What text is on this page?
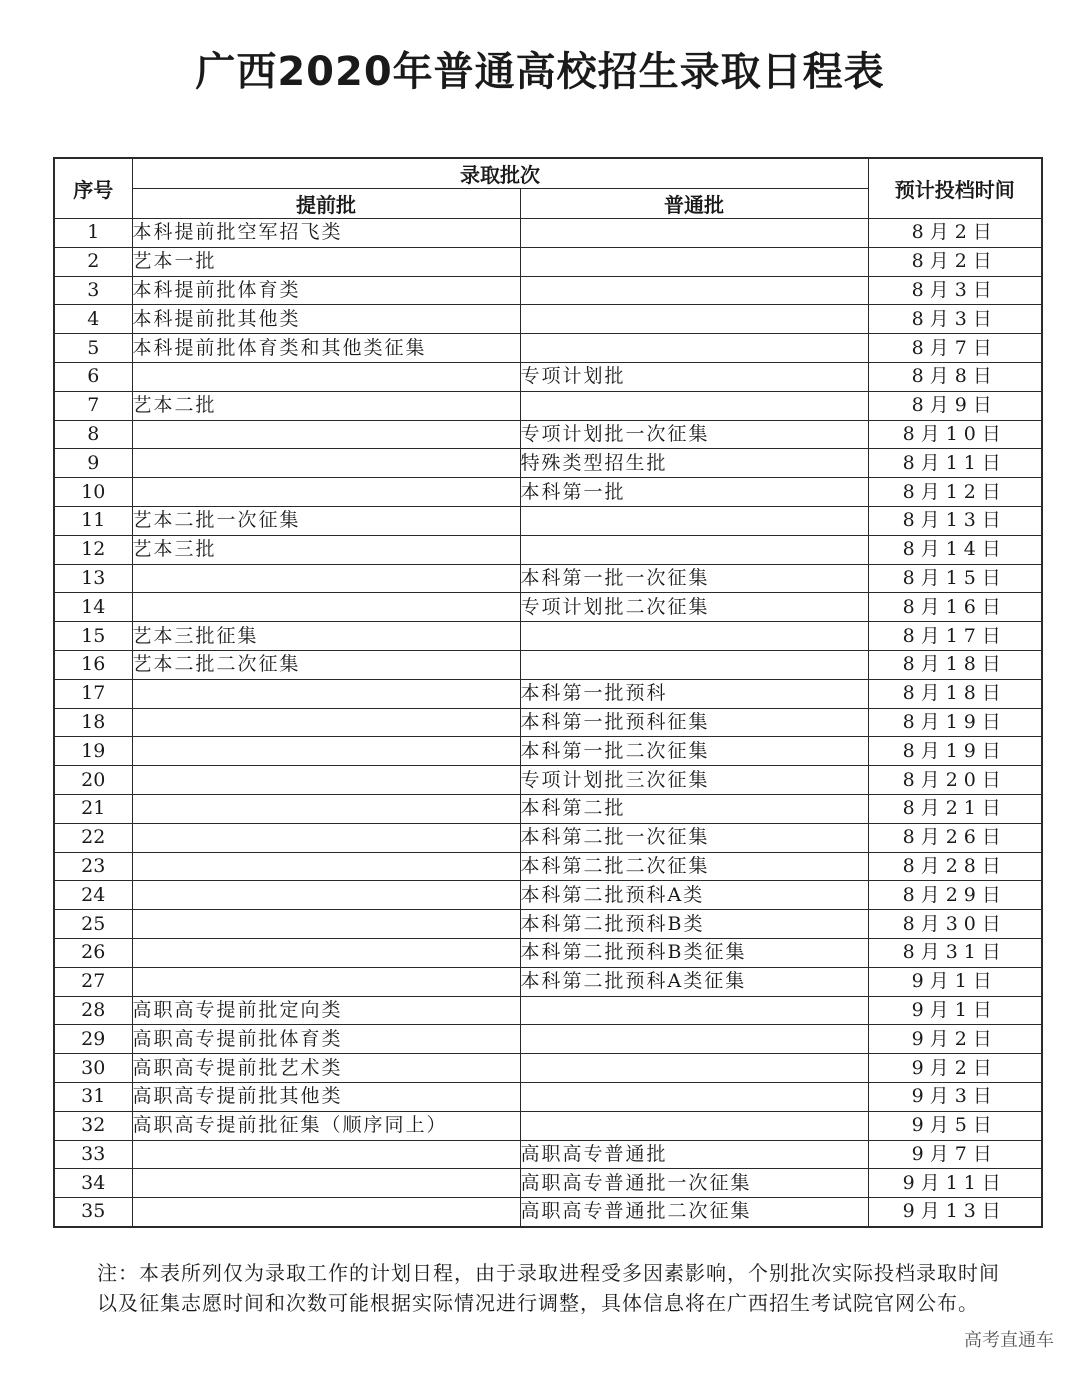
广西2020年普通高校招生录取日程表
序号	录取批次		预计投档时间
	提前批	普通批	
1	本科提前批空军招飞类		8月2日
2	艺本一批		8月2日
3	本科提前批体育类		8月3日
4	本科提前批其他类		8月3日
5	本科提前批体育类和其他类征集		8月7日
6		专项计划批	8月8日
7	艺本二批		8月9日
8		专项计划批一次征集	8月10日
9		特殊类型招生批	8月11日
10		本科第一批	8月12日
11	艺本二批一次征集		8月13日
12	艺本三批		8月14日
13		本科第一批一次征集	8月15日
14		专项计划批二次征集	8月16日
15	艺本三批征集		8月17日
16	艺本二批二次征集		8月18日
17		本科第一批预科	8月18日
18		本科第一批预科征集	8月19日
19		本科第一批二次征集	8月19日
20		专项计划批三次征集	8月20日
21		本科第二批	8月21日
22		本科第二批一次征集	8月26日
23		本科第二批二次征集	8月28日
24		本科第二批预科A类	8月29日
25		本科第二批预科B类	8月30日
26		本科第二批预科B类征集	8月31日
27		本科第二批预科A类征集	9月1日
28	高职高专提前批定向类		9月1日
29	高职高专提前批体育类		9月2日
30	高职高专提前批艺术类		9月2日
31	高职高专提前批其他类		9月3日
32	高职高专提前批征集（顺序同上）		9月5日
33		高职高专普通批	9月7日
34		高职高专普通批一次征集	9月11日
35		高职高专普通批二次征集	9月13日
注：本表所列仅为录取工作的计划日程，由于录取进程受多因素影响，个别批次实际投档录取时间以及征集志愿时间和次数可能根据实际情况进行调整，具体信息将在广西招生考试院官网公布。
高考直通车
